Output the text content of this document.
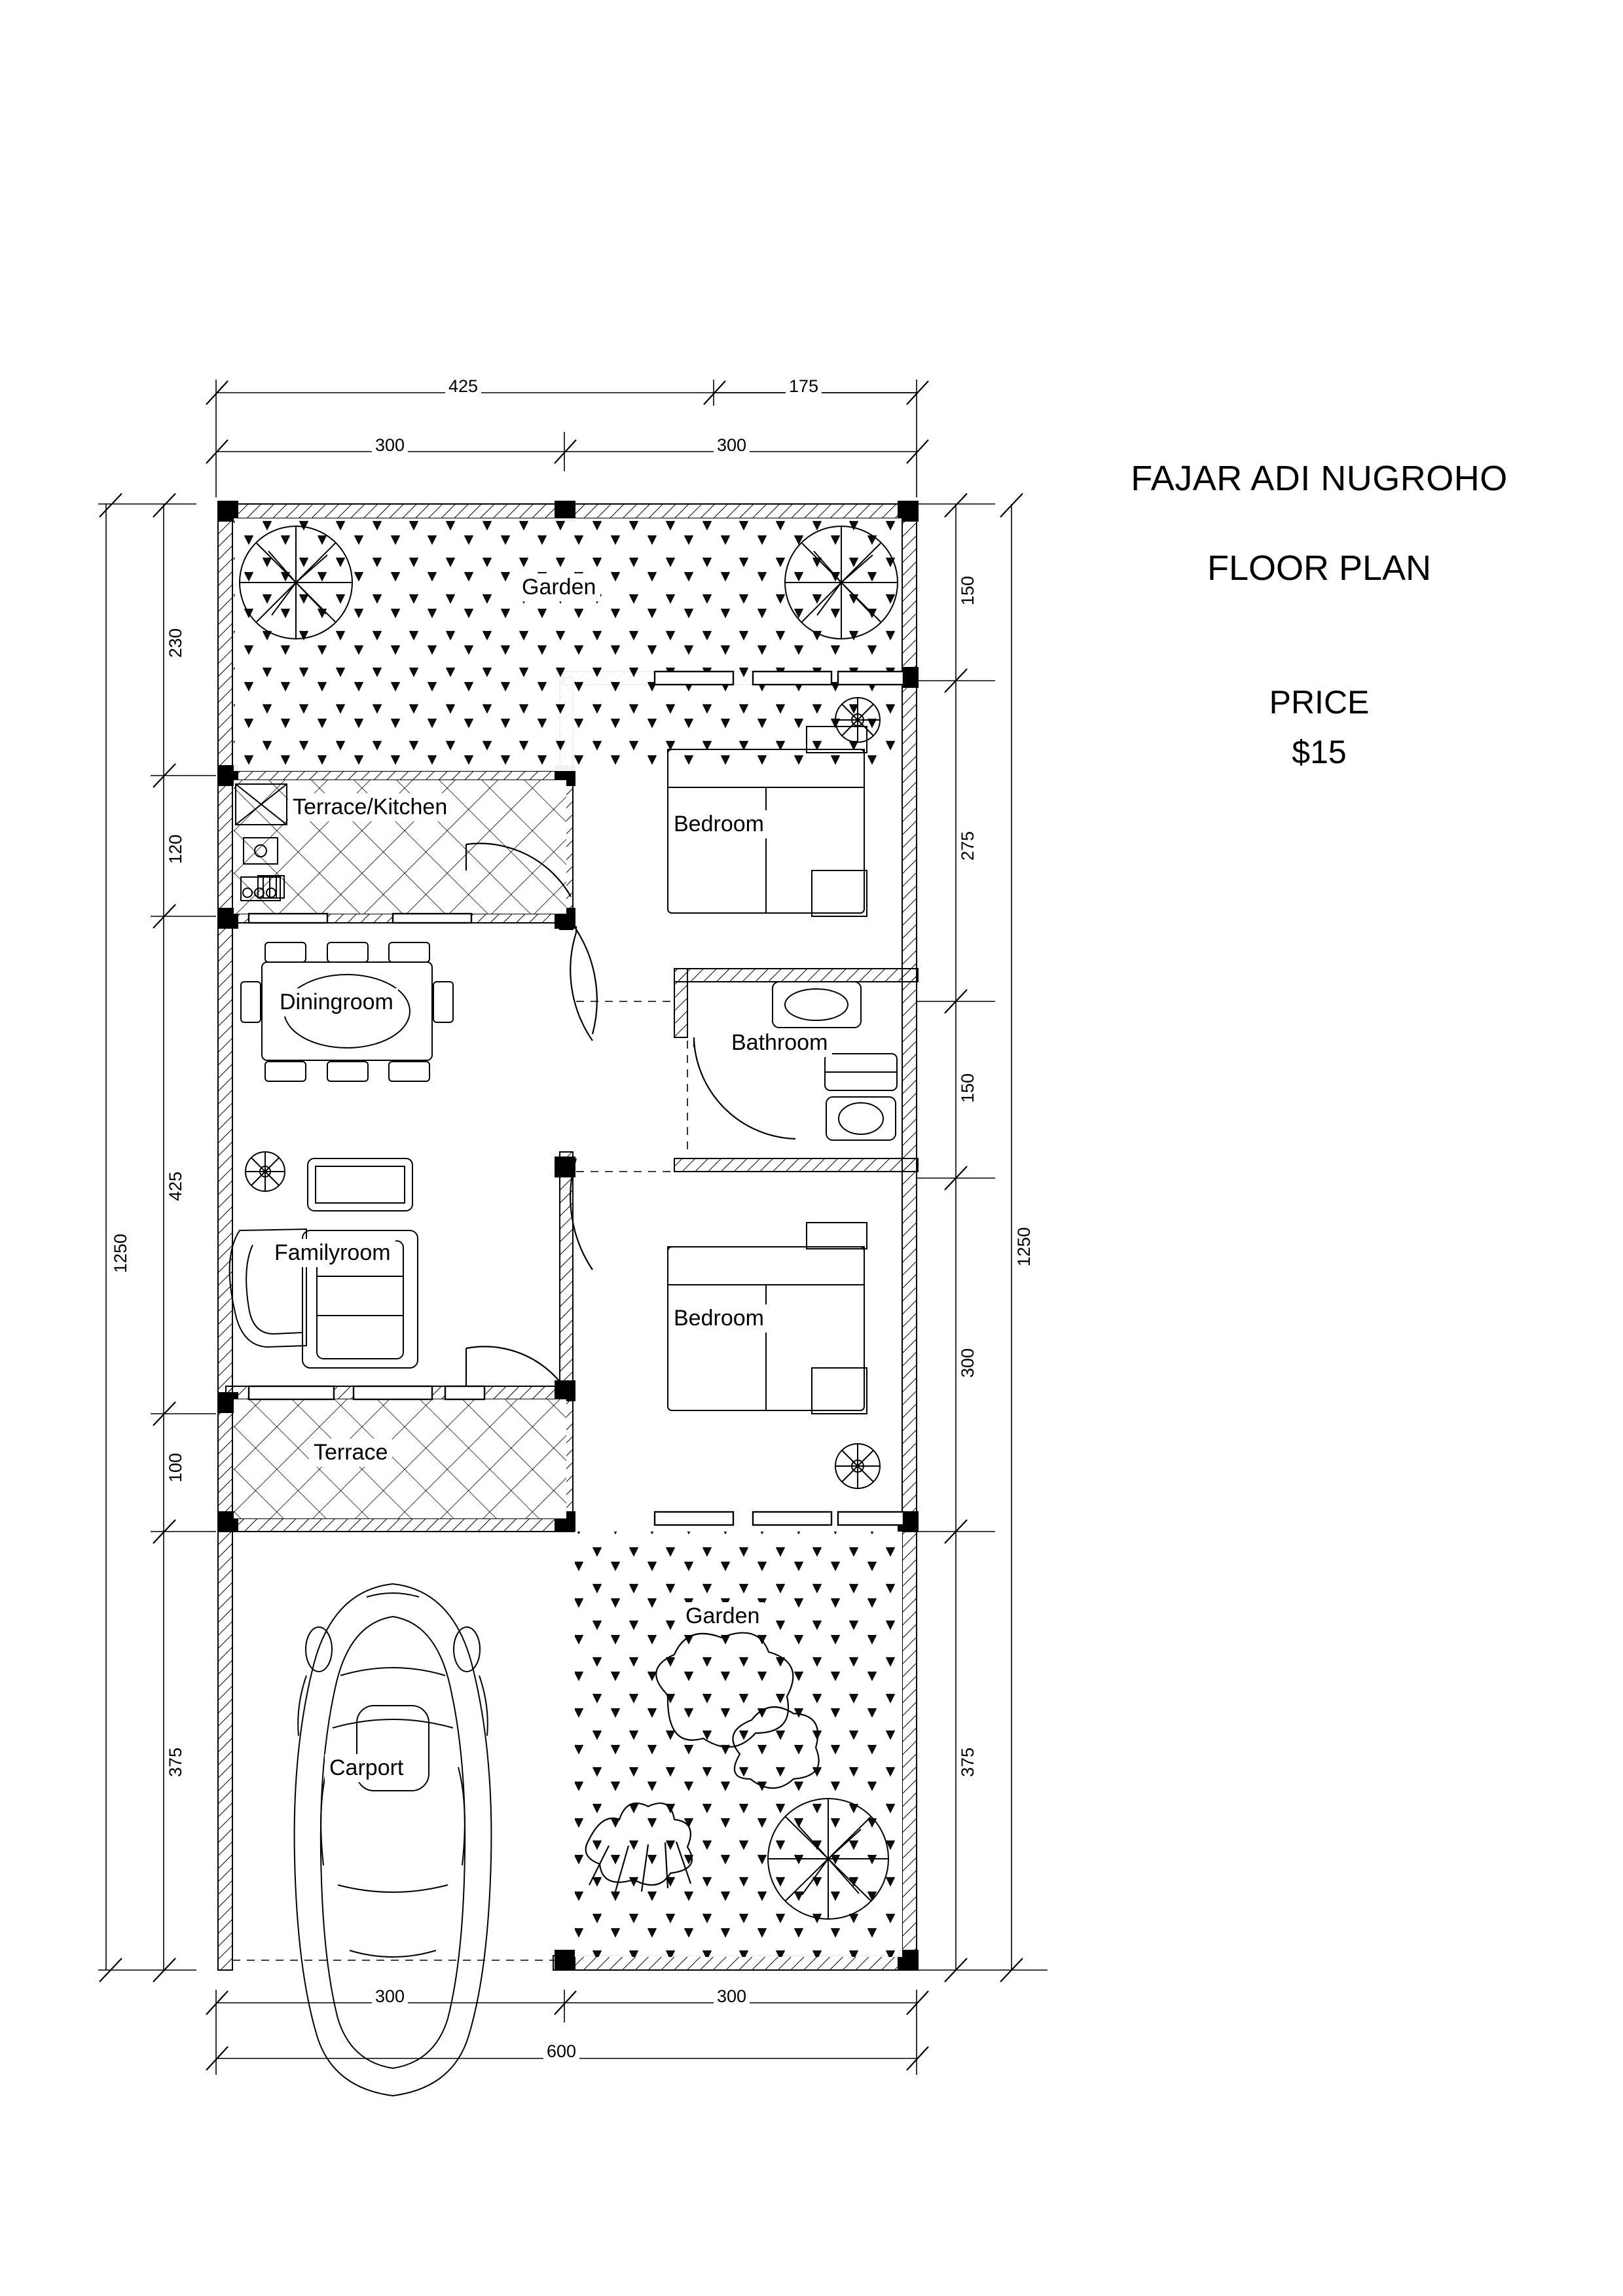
FAJAR ADI NUGROHO
FLOOR PLAN
PRICE
$15
Garden
Terrace/Kitchen
Bedroom
Diningroom
Bathroom
Familyroom
Bedroom
Terrace
Carport
Garden
425	175
300	300
300	300
600
230
120
425
100
375
1250
150
275
150
300
375
1250
